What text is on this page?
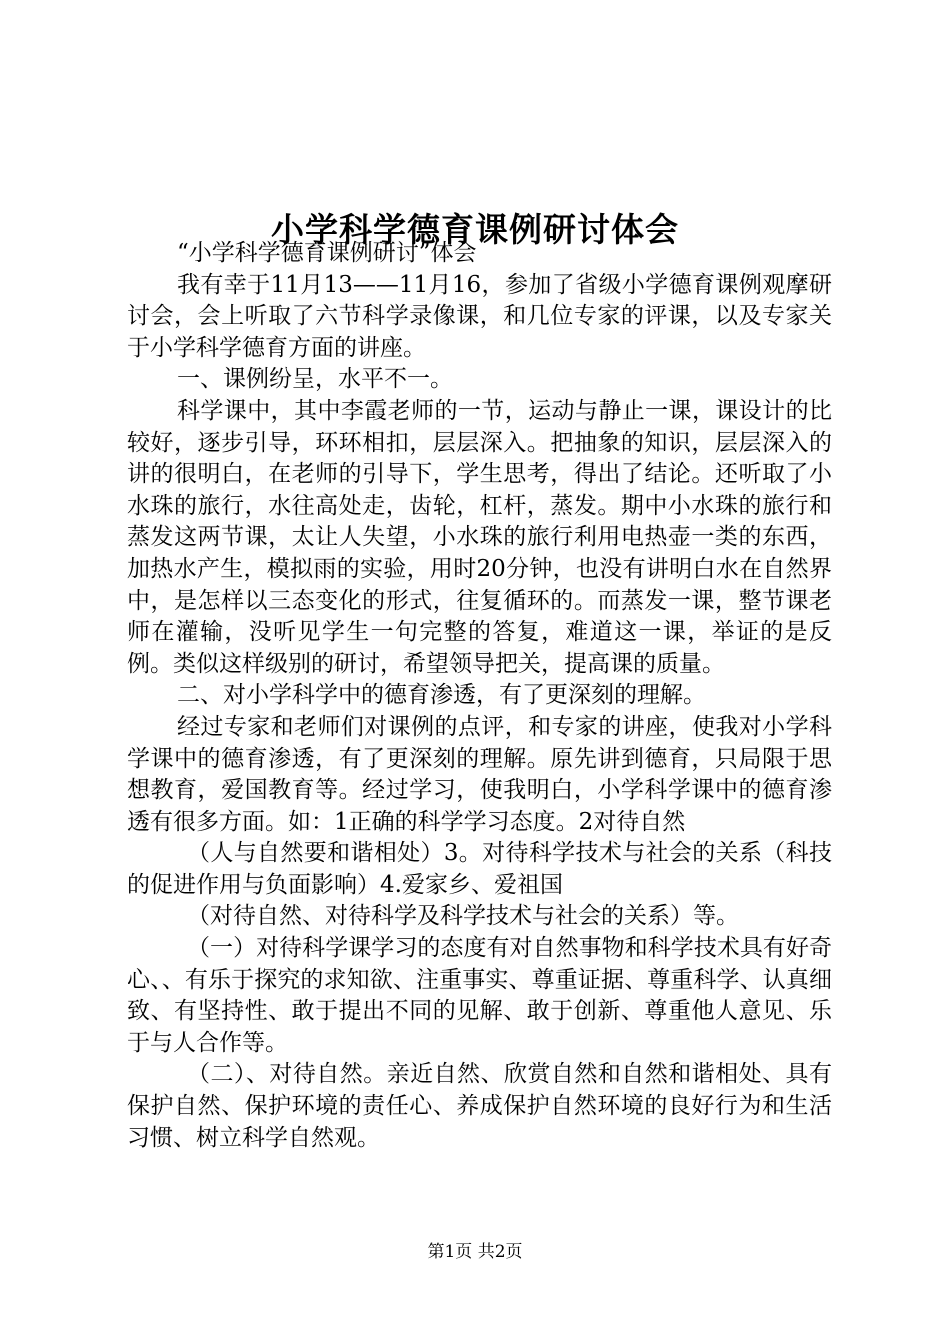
小学科学德育课例研讨体会

“小学科学德育课例研讨”体会

我有幸于11月13——11月16，参加了省级小学德育课例观摩研讨会，会上听取了六节科学录像课，和几位专家的评课，以及专家关于小学科学德育方面的讲座。

一、课例纷呈，水平不一。

科学课中，其中李霞老师的一节，运动与静止一课，课设计的比较好，逐步引导，环环相扣，层层深入。把抽象的知识，层层深入的讲的很明白，在老师的引导下，学生思考，得出了结论。还听取了小水珠的旅行，水往高处走，齿轮，杠杆，蒸发。期中小水珠的旅行和蒸发这两节课，太让人失望，小水珠的旅行利用电热壶一类的东西，加热水产生，模拟雨的实验，用时20分钟，也没有讲明白水在自然界中，是怎样以三态变化的形式，往复循环的。而蒸发一课，整节课老师在灌输，没听见学生一句完整的答复，难道这一课，举证的是反例。类似这样级别的研讨，希望领导把关，提高课的质量。

二、对小学科学中的德育渗透，有了更深刻的理解。

经过专家和老师们对课例的点评，和专家的讲座，使我对小学科学课中的德育渗透，有了更深刻的理解。原先讲到德育，只局限于思想教育，爱国教育等。经过学习，使我明白，小学科学课中的德育渗透有很多方面。如：1正确的科学学习态度。2对待自然

（人与自然要和谐相处）3。对待科学技术与社会的关系（科技的促进作用与负面影响）4.爱家乡、爱祖国

（对待自然、对待科学及科学技术与社会的关系）等。

（一）对待科学课学习的态度有对自然事物和科学技术具有好奇心、、有乐于探究的求知欲、注重事实、尊重证据、尊重科学、认真细致、有坚持性、敢于提出不同的见解、敢于创新、尊重他人意见、乐于与人合作等。

（二）、对待自然。亲近自然、欣赏自然和自然和谐相处、具有保护自然、保护环境的责任心、养成保护自然环境的良好行为和生活习惯、树立科学自然观。

第1页 共2页
